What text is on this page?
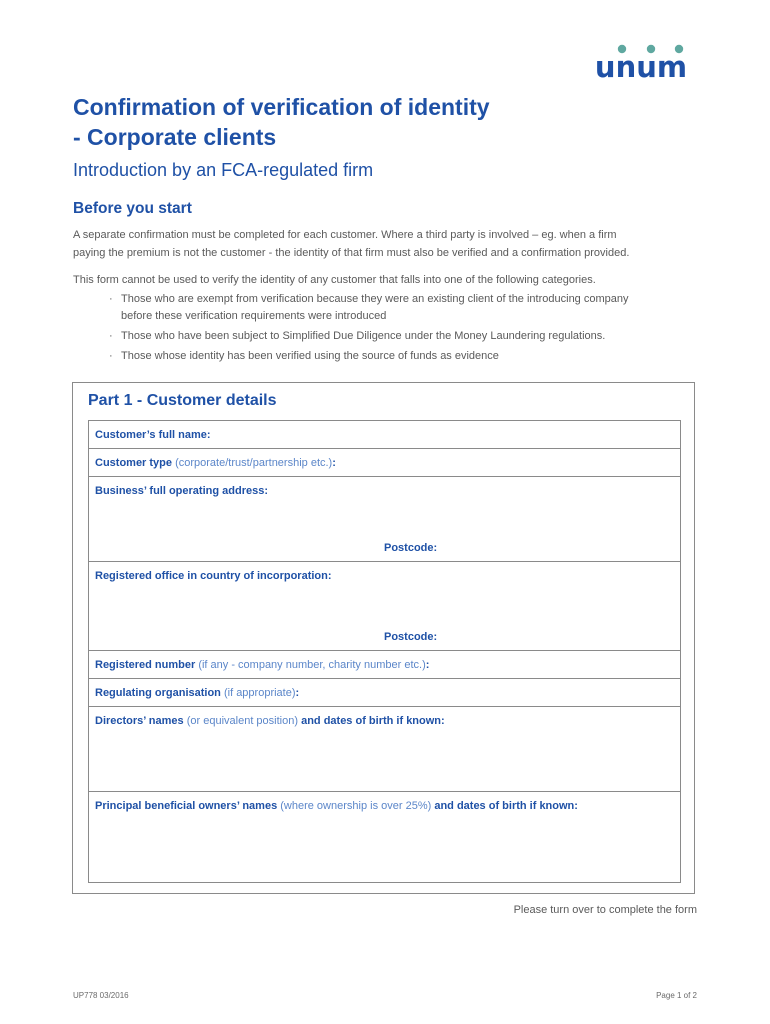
unum
Confirmation of verification of identity
- Corporate clients

Introduction by an FCA-regulated firm

Before you start

A separate confirmation must be completed for each customer. Where a third party is involved – eg. when a firm
paying the premium is not the customer - the identity of that firm must also be verified and a confirmation provided.

This form cannot be used to verify the identity of any customer that falls into one of the following categories.

· Those who are exempt from verification because they were an existing client of the introducing company
before these verification requirements were introduced
· Those who have been subject to Simplified Due Diligence under the Money Laundering regulations.
· Those whose identity has been verified using the source of funds as evidence
Part 1 - Customer details
Customer’s full name:
Customer type (corporate/trust/partnership etc.):
Business’ full operating address:
Postcode:
Registered office in country of incorporation:
Postcode:
Registered number (if any - company number, charity number etc.):
Regulating organisation (if appropriate):
Directors’ names (or equivalent position) and dates of birth if known:
Principal beneficial owners’ names (where ownership is over 25%) and dates of birth if known:
Please turn over to complete the form
UP778 03/2016	Page 1 of 2
